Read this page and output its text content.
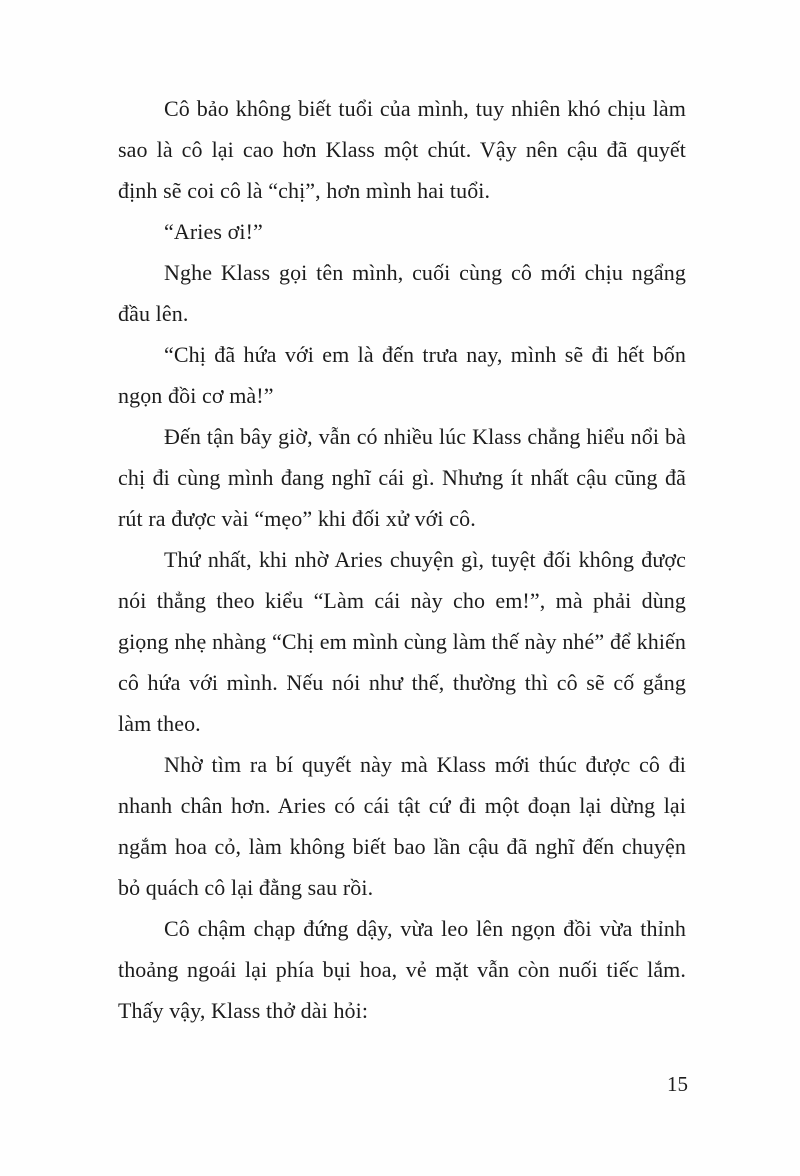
Cô bảo không biết tuổi của mình, tuy nhiên khó chịu làm sao là cô lại cao hơn Klass một chút. Vậy nên cậu đã quyết định sẽ coi cô là “chị”, hơn mình hai tuổi.

“Aries ơi!”

Nghe Klass gọi tên mình, cuối cùng cô mới chịu ngẩng đầu lên.

“Chị đã hứa với em là đến trưa nay, mình sẽ đi hết bốn ngọn đồi cơ mà!”

Đến tận bây giờ, vẫn có nhiều lúc Klass chẳng hiểu nổi bà chị đi cùng mình đang nghĩ cái gì. Nhưng ít nhất cậu cũng đã rút ra được vài “mẹo” khi đối xử với cô.

Thứ nhất, khi nhờ Aries chuyện gì, tuyệt đối không được nói thẳng theo kiểu “Làm cái này cho em!”, mà phải dùng giọng nhẹ nhàng “Chị em mình cùng làm thế này nhé” để khiến cô hứa với mình. Nếu nói như thế, thường thì cô sẽ cố gắng làm theo.

Nhờ tìm ra bí quyết này mà Klass mới thúc được cô đi nhanh chân hơn. Aries có cái tật cứ đi một đoạn lại dừng lại ngắm hoa cỏ, làm không biết bao lần cậu đã nghĩ đến chuyện bỏ quách cô lại đằng sau rồi.

Cô chậm chạp đứng dậy, vừa leo lên ngọn đồi vừa thỉnh thoảng ngoái lại phía bụi hoa, vẻ mặt vẫn còn nuối tiếc lắm. Thấy vậy, Klass thở dài hỏi:

15
